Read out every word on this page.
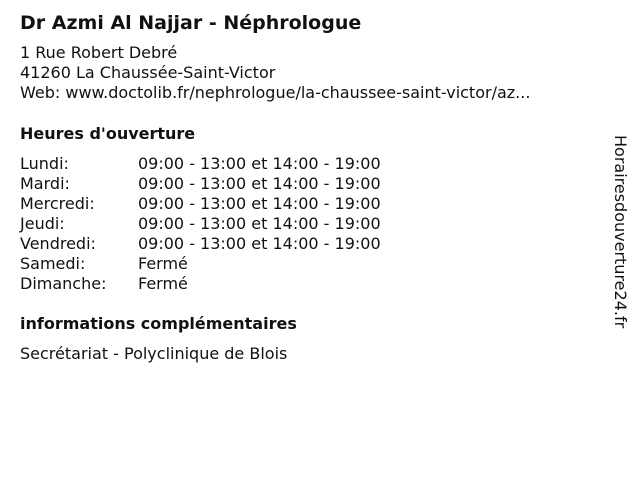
Dr Azmi Al Najjar - Néphrologue
1 Rue Robert Debré
41260 La Chaussée-Saint-Victor
Web: www.doctolib.fr/nephrologue/la-chaussee-saint-victor/az...
Heures d'ouverture
Lundi:	09:00 - 13:00 et 14:00 - 19:00
Mardi:	09:00 - 13:00 et 14:00 - 19:00
Mercredi:	09:00 - 13:00 et 14:00 - 19:00
Jeudi:	09:00 - 13:00 et 14:00 - 19:00
Vendredi:	09:00 - 13:00 et 14:00 - 19:00
Samedi:	Fermé
Dimanche:	Fermé
informations complémentaires
Secrétariat - Polyclinique de Blois
Horairesdouverture24.fr
